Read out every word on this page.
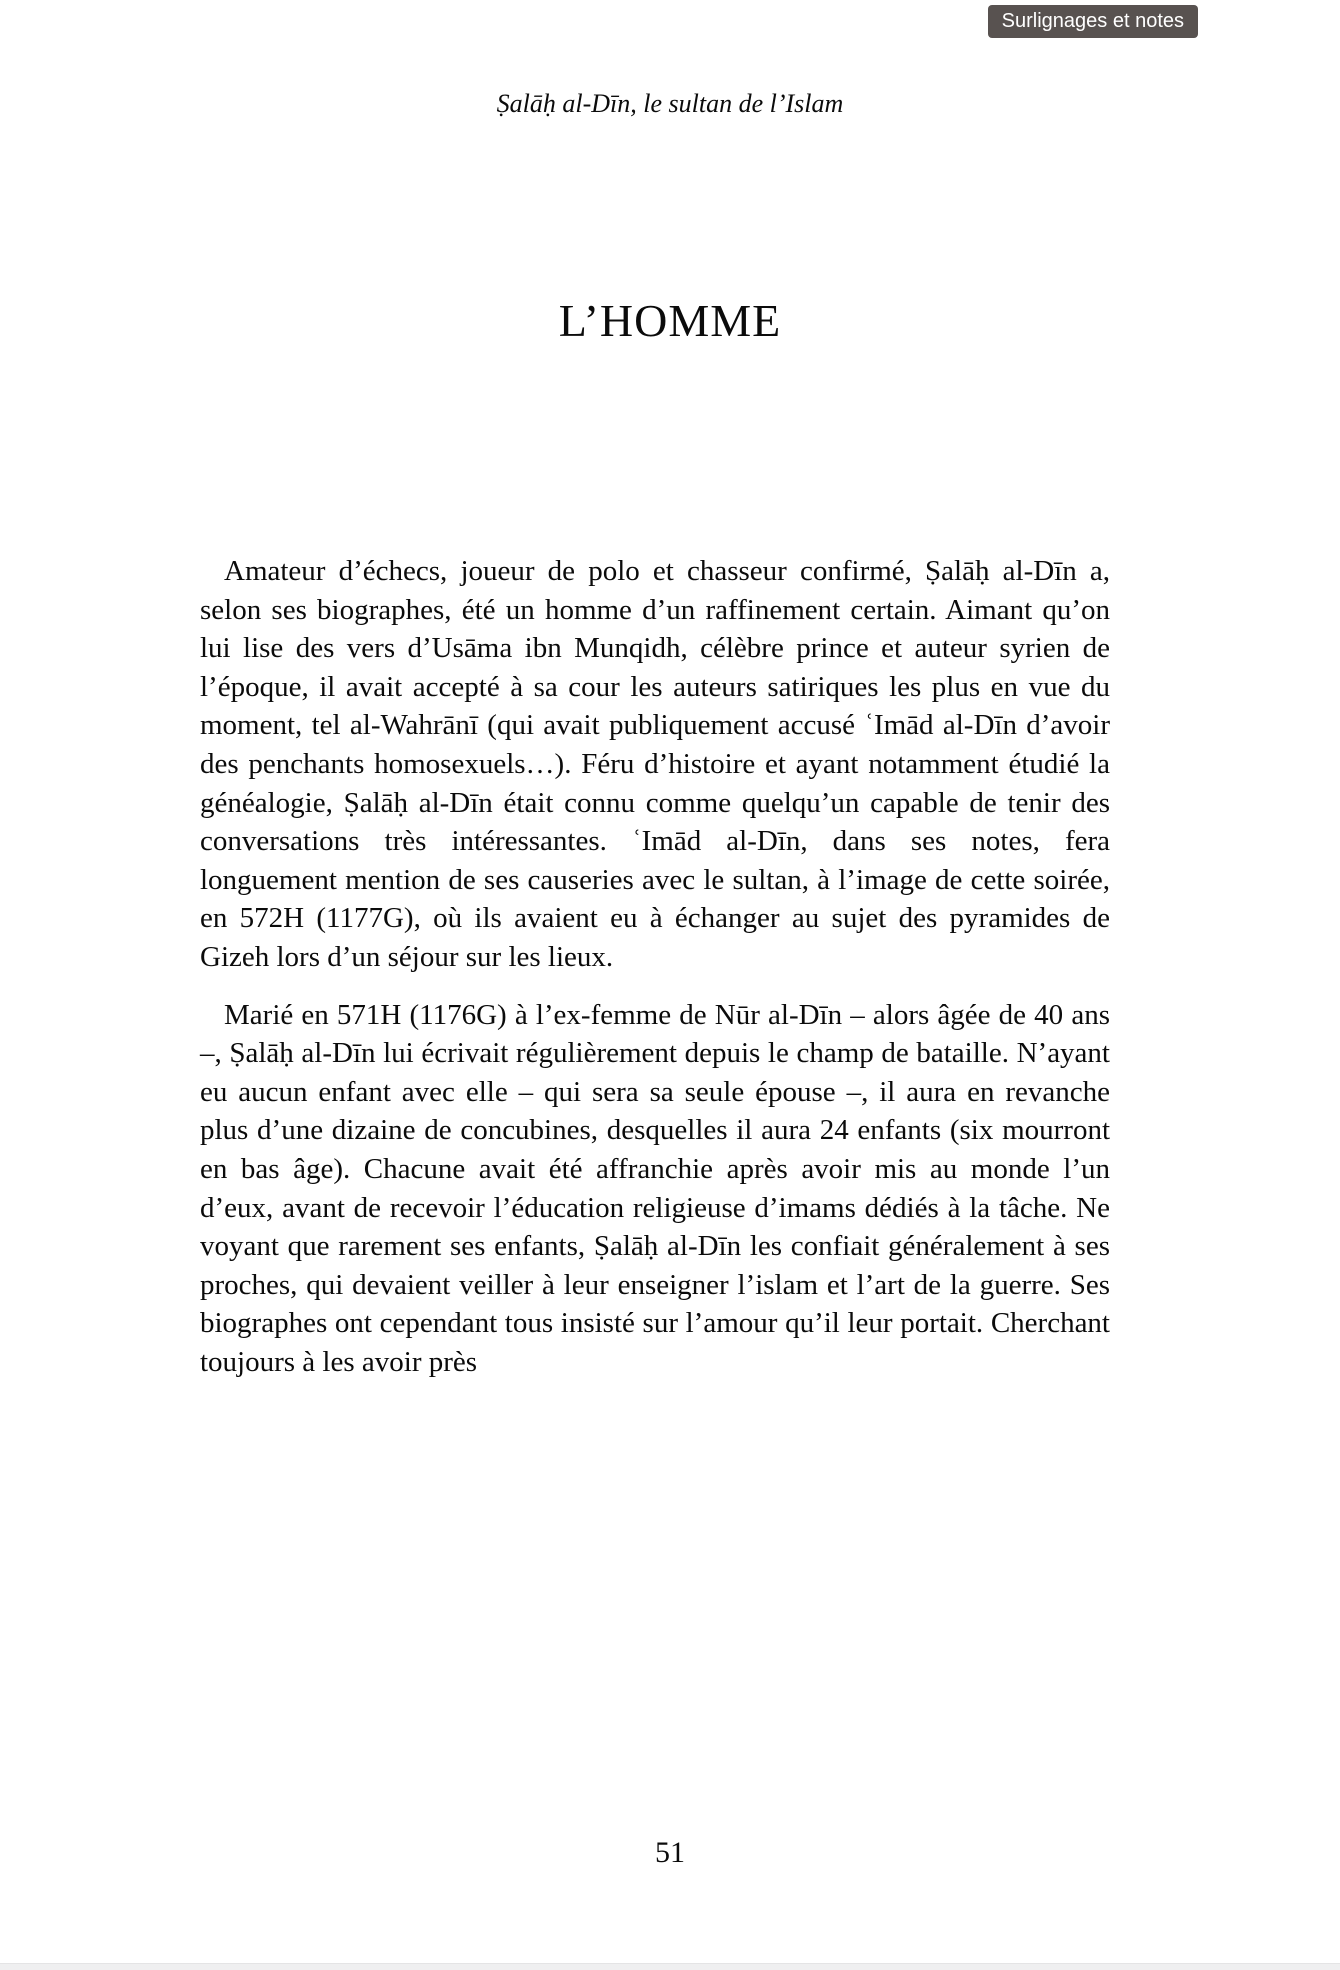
Surlignages et notes
Ṣalāḥ al-Dīn, le sultan de l’Islam
L’HOMME

Amateur d’échecs, joueur de polo et chasseur confirmé, Ṣalāḥ al-Dīn a, selon ses biographes, été un homme d’un raffinement certain. Aimant qu’on lui lise des vers d’Usāma ibn Munqidh, célèbre prince et auteur syrien de l’époque, il avait accepté à sa cour les auteurs satiriques les plus en vue du moment, tel al-Wahrānī (qui avait publiquement accusé ʿImād al-Dīn d’avoir des penchants homosexuels…). Féru d’histoire et ayant notamment étudié la généalogie, Ṣalāḥ al-Dīn était connu comme quelqu’un capable de tenir des conversations très intéressantes. ʿImād al-Dīn, dans ses notes, fera longuement mention de ses causeries avec le sultan, à l’image de cette soirée, en 572H (1177G), où ils avaient eu à échanger au sujet des pyramides de Gizeh lors d’un séjour sur les lieux.

Marié en 571H (1176G) à l’ex-femme de Nūr al-Dīn – alors âgée de 40 ans –, Ṣalāḥ al-Dīn lui écrivait régulièrement depuis le champ de bataille. N’ayant eu aucun enfant avec elle – qui sera sa seule épouse –, il aura en revanche plus d’une dizaine de concubines, desquelles il aura 24 enfants (six mourront en bas âge). Chacune avait été affranchie après avoir mis au monde l’un d’eux, avant de recevoir l’éducation religieuse d’imams dédiés à la tâche. Ne voyant que rarement ses enfants, Ṣalāḥ al-Dīn les confiait généralement à ses proches, qui devaient veiller à leur enseigner l’islam et l’art de la guerre. Ses biographes ont cependant tous insisté sur l’amour qu’il leur portait. Cherchant toujours à les avoir près

51
